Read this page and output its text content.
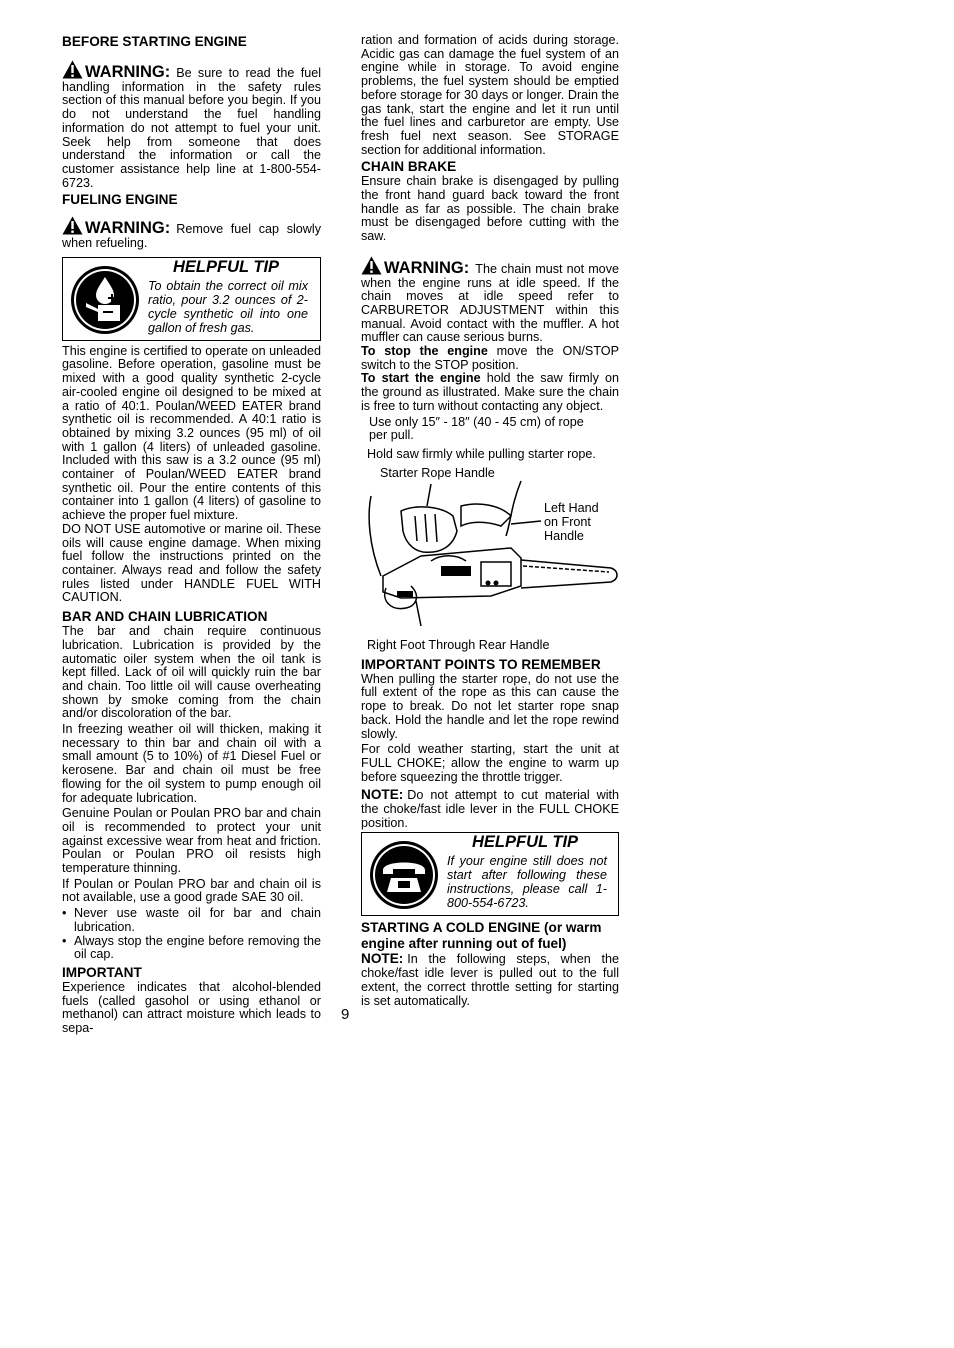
BEFORE STARTING ENGINE

WARNING: Be sure to read the fuel handling information in the safety rules section of this manual before you begin. If you do not understand the fuel handling information do not attempt to fuel your unit. Seek help from someone that does understand the information or call the customer assistance help line at 1-800-554-6723.

FUELING ENGINE

WARNING: Remove fuel cap slowly when refueling.

HELPFUL TIP
To obtain the correct oil mix ratio, pour 3.2 ounces of 2-cycle synthetic oil into one gallon of fresh gas.

This engine is certified to operate on unleaded gasoline. Before operation, gasoline must be mixed with a good quality synthetic 2-cycle air-cooled engine oil designed to be mixed at a ratio of 40:1. Poulan/WEED EATER brand synthetic oil is recommended. A 40:1 ratio is obtained by mixing 3.2 ounces (95 ml) of oil with 1 gallon (4 liters) of unleaded gasoline. Included with this saw is a 3.2 ounce (95 ml) container of Poulan/WEED EATER brand synthetic oil. Pour the entire contents of this container into 1 gallon (4 liters) of gasoline to achieve the proper fuel mixture.

DO NOT USE automotive or marine oil. These oils will cause engine damage. When mixing fuel follow the instructions printed on the container. Always read and follow the safety rules listed under HANDLE FUEL WITH CAUTION.

BAR AND CHAIN LUBRICATION

The bar and chain require continuous lubrication. Lubrication is provided by the automatic oiler system when the oil tank is kept filled. Lack of oil will quickly ruin the bar and chain. Too little oil will cause overheating shown by smoke coming from the chain and/or discoloration of the bar.

In freezing weather oil will thicken, making it necessary to thin bar and chain oil with a small amount (5 to 10%) of #1 Diesel Fuel or kerosene. Bar and chain oil must be free flowing for the oil system to pump enough oil for adequate lubrication.

Genuine Poulan or Poulan PRO bar and chain oil is recommended to protect your unit against excessive wear from heat and friction. Poulan or Poulan PRO oil resists high temperature thinning.

If Poulan or Poulan PRO bar and chain oil is not available, use a good grade SAE 30 oil.

• Never use waste oil for bar and chain lubrication.
• Always stop the engine before removing the oil cap.
IMPORTANT

Experience indicates that alcohol-blended fuels (called gasohol or using ethanol or methanol) can attract moisture which leads to sepa-

ration and formation of acids during storage. Acidic gas can damage the fuel system of an engine while in storage. To avoid engine problems, the fuel system should be emptied before storage for 30 days or longer. Drain the gas tank, start the engine and let it run until the fuel lines and carburetor are empty. Use fresh fuel next season. See STORAGE section for additional information.

CHAIN BRAKE

Ensure chain brake is disengaged by pulling the front hand guard back toward the front handle as far as possible. The chain brake must be disengaged before cutting with the saw.

WARNING: The chain must not move when the engine runs at idle speed. If the chain moves at idle speed refer to CARBURETOR ADJUSTMENT within this manual. Avoid contact with the muffler. A hot muffler can cause serious burns.

To stop the engine move the ON/STOP switch to the STOP position.

To start the engine hold the saw firmly on the ground as illustrated. Make sure the chain is free to turn without contacting any object.

Use only 15″ - 18″ (40 - 45 cm) of rope per pull.

Hold saw firmly while pulling starter rope.

Starter Rope Handle
Left Hand on Front Handle
Right Foot Through Rear Handle
IMPORTANT POINTS TO REMEMBER

When pulling the starter rope, do not use the full extent of the rope as this can cause the rope to break. Do not let starter rope snap back. Hold the handle and let the rope rewind slowly.

For cold weather starting, start the unit at FULL CHOKE; allow the engine to warm up before squeezing the throttle trigger.

NOTE: Do not attempt to cut material with the choke/fast idle lever in the FULL CHOKE position.

HELPFUL TIP
If your engine still does not start after following these instructions, please call 1-800-554-6723.
STARTING A COLD ENGINE (or warm engine after running out of fuel)

NOTE: In the following steps, when the choke/fast idle lever is pulled out to the full extent, the correct throttle setting for starting is set automatically.

9
